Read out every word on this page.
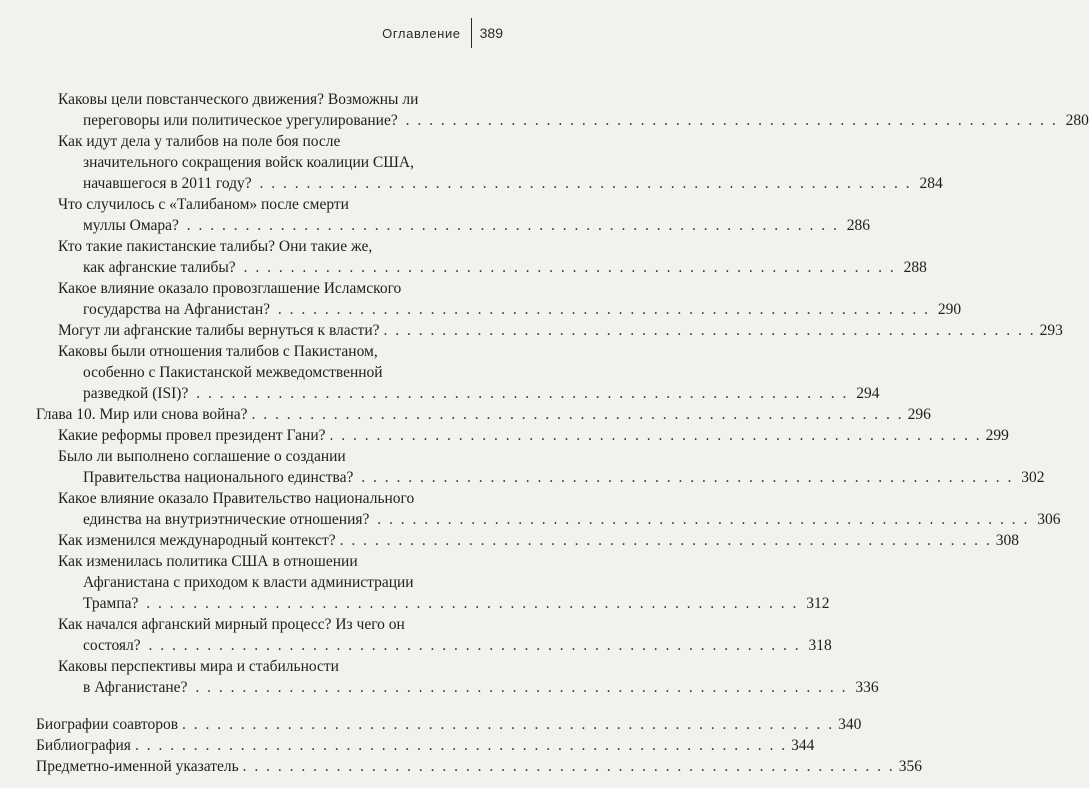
Оглавление	389
Каковы цели повстанческого движения? Возможны ли
переговоры или политическое урегулирование? . . .	280
Как идут дела у талибов на поле боя после
значительного сокращения войск коалиции США,
начавшегося в 2011 году? . . .	284
Что случилось с «Талибаном» после смерти
муллы Омара? . . .	286
Кто такие пакистанские талибы? Они такие же,
как афганские талибы? . . .	288
Какое влияние оказало провозглашение Исламского
государства на Афганистан? . . .	290
Могут ли афганские талибы вернуться к власти? . . .	293
Каковы были отношения талибов с Пакистаном,
особенно с Пакистанской межведомственной
разведкой (ISI)? . . .	294
Глава 10. Мир или снова война? . . .	296
Какие реформы провел президент Гани? . . .	299
Было ли выполнено соглашение о создании
Правительства национального единства? . . .	302
Какое влияние оказало Правительство национального
единства на внутриэтнические отношения? . . .	306
Как изменился международный контекст? . . .	308
Как изменилась политика США в отношении
Афганистана с приходом к власти администрации
Трампа? . . .	312
Как начался афганский мирный процесс? Из чего он
состоял? . . .	318
Каковы перспективы мира и стабильности
в Афганистане? . . .	336
Биографии соавторов . . .	340
Библиография . . .	344
Предметно-именной указатель . . .	356
